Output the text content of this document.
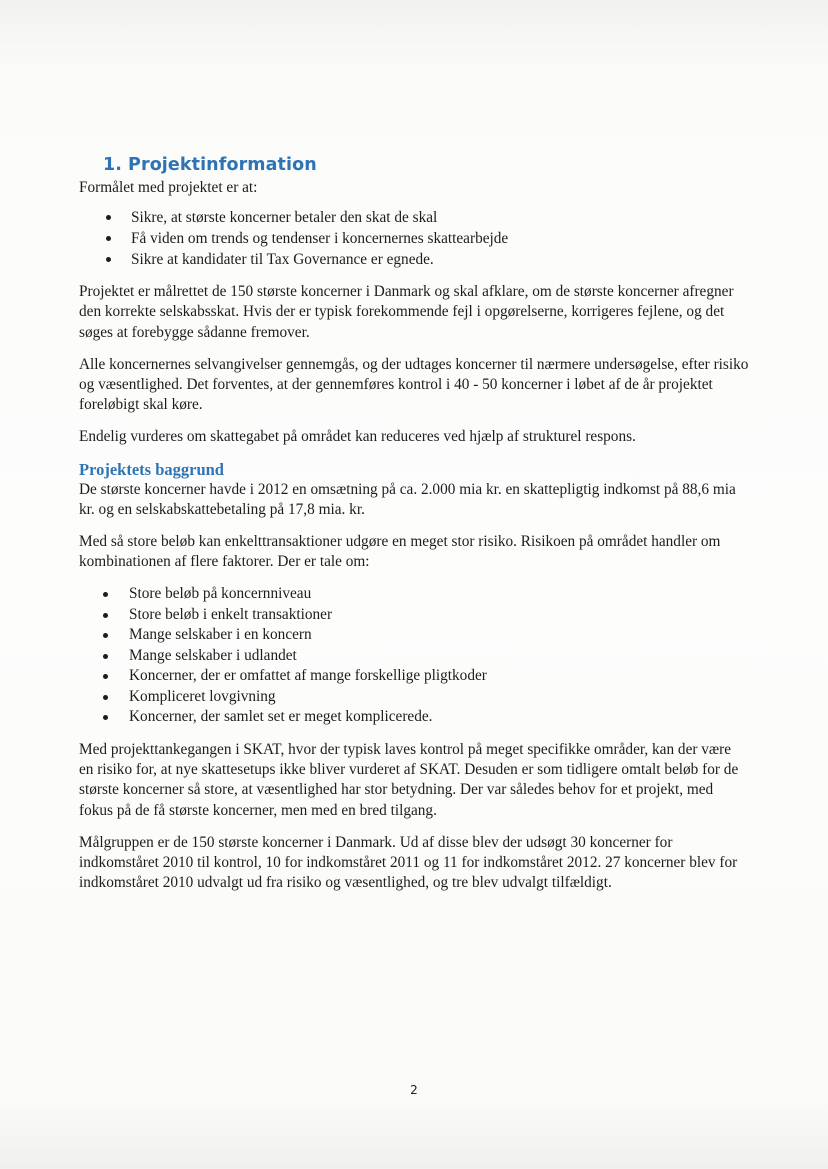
1. Projektinformation

Formålet med projektet er at:

Sikre, at største koncerner betaler den skat de skal
Få viden om trends og tendenser i koncernernes skattearbejde
Sikre at kandidater til Tax Governance er egnede.

Projektet er målrettet de 150 største koncerner i Danmark og skal afklare, om de største koncerner afregner den korrekte selskabsskat. Hvis der er typisk forekommende fejl i opgørelserne, korrigeres fejlene, og det søges at forebygge sådanne fremover.

Alle koncernernes selvangivelser gennemgås, og der udtages koncerner til nærmere undersøgelse, efter risiko og væsentlighed. Det forventes, at der gennemføres kontrol i 40 - 50 koncerner i løbet af de år projektet foreløbigt skal køre.

Endelig vurderes om skattegabet på området kan reduceres ved hjælp af strukturel respons.

Projektets baggrund

De største koncerner havde i 2012 en omsætning på ca. 2.000 mia kr. en skattepligtig indkomst på 88,6 mia kr. og en selskabskattebetaling på 17,8 mia. kr.

Med så store beløb kan enkelttransaktioner udgøre en meget stor risiko. Risikoen på området handler om kombinationen af flere faktorer. Der er tale om:

Store beløb på koncernniveau
Store beløb i enkelt transaktioner
Mange selskaber i en koncern
Mange selskaber i udlandet
Koncerner, der er omfattet af mange forskellige pligtkoder
Kompliceret lovgivning
Koncerner, der samlet set er meget komplicerede.

Med projekttankegangen i SKAT, hvor der typisk laves kontrol på meget specifikke områder, kan der være en risiko for, at nye skattesetups ikke bliver vurderet af SKAT. Desuden er som tidligere omtalt beløb for de største koncerner så store, at væsentlighed har stor betydning. Der var således behov for et projekt, med fokus på de få største koncerner, men med en bred tilgang.

Målgruppen er de 150 største koncerner i Danmark. Ud af disse blev der udsøgt 30 koncerner for indkomståret 2010 til kontrol, 10 for indkomståret 2011 og 11 for indkomståret 2012. 27 koncerner blev for indkomståret 2010 udvalgt ud fra risiko og væsentlighed, og tre blev udvalgt tilfældigt.

2
